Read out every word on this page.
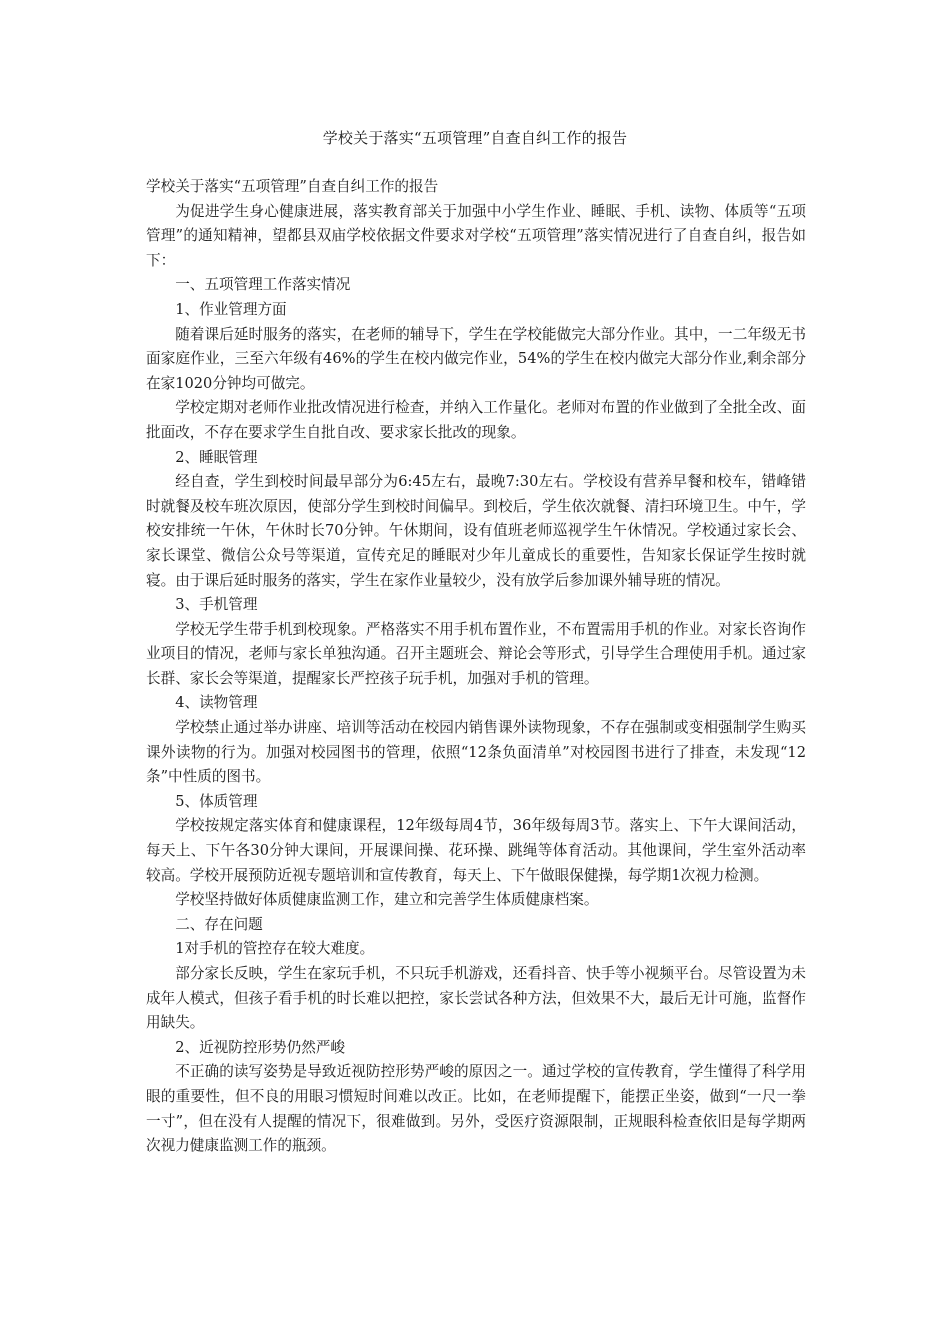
学校关于落实“五项管理”自查自纠工作的报告

学校关于落实“五项管理”自查自纠工作的报告

为促进学生身心健康进展，落实教育部关于加强中小学生作业、睡眠、手机、读物、体质等“五项管理”的通知精神，望都县双庙学校依据文件要求对学校“五项管理”落实情况进行了自查自纠，报告如下：

一、五项管理工作落实情况

1、作业管理方面

随着课后延时服务的落实，在老师的辅导下，学生在学校能做完大部分作业。其中，一二年级无书面家庭作业，三至六年级有46%的学生在校内做完作业，54%的学生在校内做完大部分作业,剩余部分在家1020分钟均可做完。

学校定期对老师作业批改情况进行检查，并纳入工作量化。老师对布置的作业做到了全批全改、面批面改，不存在要求学生自批自改、要求家长批改的现象。

2、睡眠管理

经自查，学生到校时间最早部分为6:45左右，最晚7:30左右。学校设有营养早餐和校车，错峰错时就餐及校车班次原因，使部分学生到校时间偏早。到校后，学生依次就餐、清扫环境卫生。中午，学校安排统一午休，午休时长70分钟。午休期间，设有值班老师巡视学生午休情况。学校通过家长会、家长课堂、微信公众号等渠道，宣传充足的睡眠对少年儿童成长的重要性，告知家长保证学生按时就寝。由于课后延时服务的落实，学生在家作业量较少，没有放学后参加课外辅导班的情况。

3、手机管理

学校无学生带手机到校现象。严格落实不用手机布置作业，不布置需用手机的作业。对家长咨询作业项目的情况，老师与家长单独沟通。召开主题班会、辩论会等形式，引导学生合理使用手机。通过家长群、家长会等渠道，提醒家长严控孩子玩手机，加强对手机的管理。

4、读物管理

学校禁止通过举办讲座、培训等活动在校园内销售课外读物现象，不存在强制或变相强制学生购买课外读物的行为。加强对校园图书的管理，依照“12条负面清单”对校园图书进行了排查，未发现“12条”中性质的图书。

5、体质管理

学校按规定落实体育和健康课程，12年级每周4节，36年级每周3节。落实上、下午大课间活动，每天上、下午各30分钟大课间，开展课间操、花环操、跳绳等体育活动。其他课间，学生室外活动率较高。学校开展预防近视专题培训和宣传教育，每天上、下午做眼保健操，每学期1次视力检测。

学校坚持做好体质健康监测工作，建立和完善学生体质健康档案。

二、存在问题

1对手机的管控存在较大难度。

部分家长反映，学生在家玩手机，不只玩手机游戏，还看抖音、快手等小视频平台。尽管设置为未成年人模式，但孩子看手机的时长难以把控，家长尝试各种方法，但效果不大，最后无计可施，监督作用缺失。

2、近视防控形势仍然严峻

不正确的读写姿势是导致近视防控形势严峻的原因之一。通过学校的宣传教育，学生懂得了科学用眼的重要性，但不良的用眼习惯短时间难以改正。比如，在老师提醒下，能摆正坐姿，做到“一尺一拳一寸”，但在没有人提醒的情况下，很难做到。另外，受医疗资源限制，正规眼科检查依旧是每学期两次视力健康监测工作的瓶颈。
